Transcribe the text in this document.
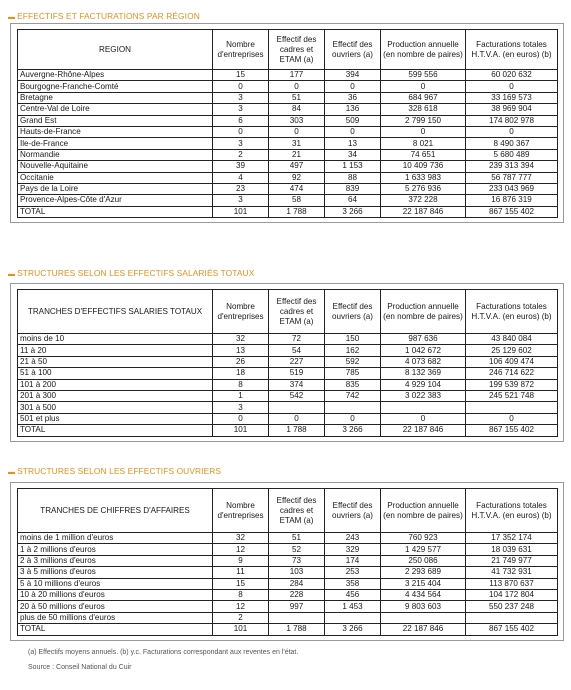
▬ EFFECTIFS ET FACTURATIONS PAR RÉGION
REGION	Nombre d'entreprises	Effectif des cadres et ETAM (a)	Effectif des ouvriers (a)	Production annuelle (en nombre de paires)	Facturations totales H.T.V.A. (en euros) (b)
Auvergne-Rhône-Alpes	15	177	394	599 556	60 020 632
Bourgogne-Franche-Comté	0	0	0	0	0
Bretagne	3	51	36	684 967	33 169 573
Centre-Val de Loire	3	84	136	328 618	38 969 904
Grand Est	6	303	509	2 799 150	174 802 978
Hauts-de-France	0	0	0	0	0
Ile-de-France	3	31	13	8 021	8 490 367
Normandie	2	21	34	74 651	5 680 489
Nouvelle-Aquitaine	39	497	1 153	10 409 736	239 313 394
Occitanie	4	92	88	1 633 983	56 787 777
Pays de la Loire	23	474	839	5 276 936	233 043 969
Provence-Alpes-Côte d'Azur	3	58	64	372 228	16 876 319
TOTAL	101	1 788	3 266	22 187 846	867 155 402
▬ STRUCTURES SELON LES EFFECTIFS SALARIÉS TOTAUX
TRANCHES D'EFFECTIFS SALARIES TOTAUX	Nombre d'entreprises	Effectif des cadres et ETAM (a)	Effectif des ouvriers (a)	Production annuelle (en nombre de paires)	Facturations totales H.T.V.A. (en euros) (b)
moins de 10	32	72	150	987 636	43 840 084
11 à 20	13	54	162	1 042 672	25 129 602
21 à 50	26	227	592	4 073 682	106 409 474
51 à 100	18	519	785	8 132 369	246 714 622
101 à 200	8	374	835	4 929 104	199 539 872
201 à 300	1	542	742	3 022 383	245 521 748
301 à 500	3				
501 et plus	0	0	0	0	0
TOTAL	101	1 788	3 266	22 187 846	867 155 402
▬ STRUCTURES SELON LES EFFECTIFS OUVRIERS
TRANCHES DE CHIFFRES D'AFFAIRES	Nombre d'entreprises	Effectif des cadres et ETAM (a)	Effectif des ouvriers (a)	Production annuelle (en nombre de paires)	Facturations totales H.T.V.A. (en euros) (b)
moins de 1 million d'euros	32	51	243	760 923	17 352 174
1 à 2 millions d'euros	12	52	329	1 429 577	18 039 631
2 à 3 millions d'euros	9	73	174	250 086	21 749 977
3 à 5 millions d'euros	11	103	253	2 293 689	41 732 931
5 à 10 millions d'euros	15	284	358	3 215 404	113 870 637
10 à 20 millions d'euros	8	228	456	4 434 564	104 172 804
20 à 50 millions d'euros	12	997	1 453	9 803 603	550 237 248
plus de 50 millions d'euros	2				
TOTAL	101	1 788	3 266	22 187 846	867 155 402
(a) Effectifs moyens annuels. (b) y.c. Facturations correspondant aux reventes en l'état.
Source : Conseil National du Cuir
